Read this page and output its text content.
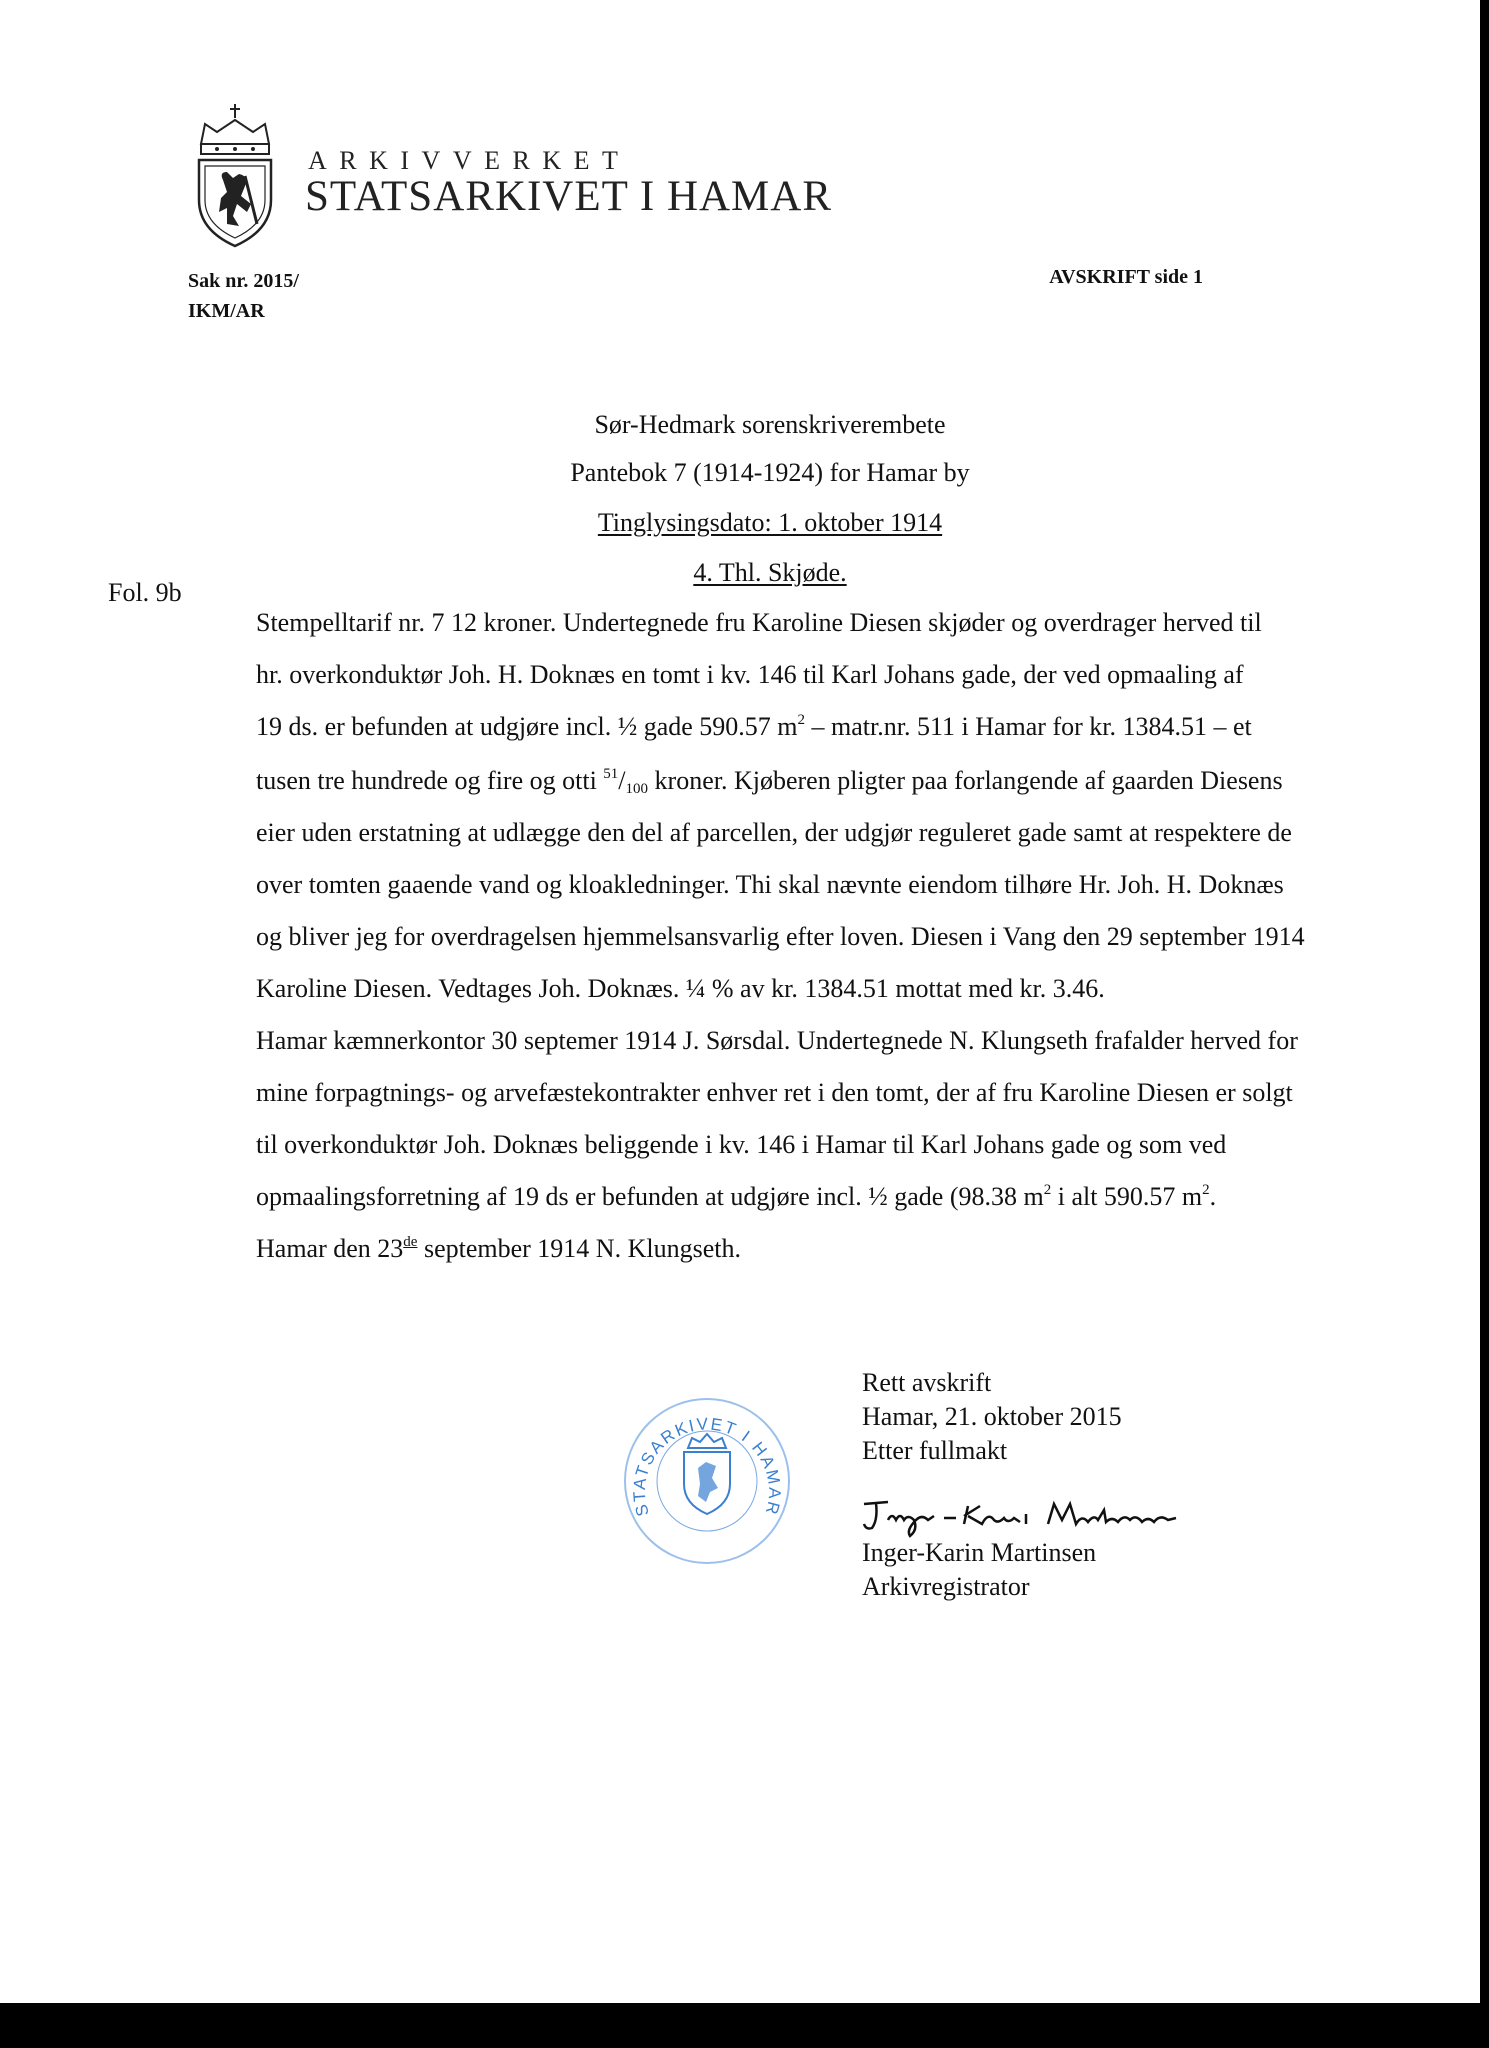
ARKIVVERKET
STATSARKIVET I HAMAR
Sak nr. 2015/
IKM/AR
AVSKRIFT side 1
Sør-Hedmark sorenskriverembete
Pantebok 7 (1914-1924) for Hamar by
Tinglysingsdato: 1. oktober 1914
4. Thl. Skjøde.
Fol. 9b
Stempelltarif nr. 7 12 kroner. Undertegnede fru Karoline Diesen skjøder og overdrager herved til
hr. overkonduktør Joh. H. Doknæs en tomt i kv. 146 til Karl Johans gade, der ved opmaaling af
19 ds. er befunden at udgjøre incl. ½ gade 590.57 $m^2$ – matr.nr. 511 i Hamar for kr. 1384.51 – et
tusen tre hundrede og fire og otti $^{51}/_{100}$ kroner. Kjøberen pligter paa forlangende af gaarden Diesens
eier uden erstatning at udlægge den del af parcellen, der udgjør reguleret gade samt at respektere de
over tomten gaaende vand og kloakledninger. Thi skal nævnte eiendom tilhøre Hr. Joh. H. Doknæs
og bliver jeg for overdragelsen hjemmelsansvarlig efter loven. Diesen i Vang den 29 september 1914
Karoline Diesen. Vedtages Joh. Doknæs. ¼ % av kr. 1384.51 mottat med kr. 3.46.
Hamar kæmnerkontor 30 septemer 1914 J. Sørsdal. Undertegnede N. Klungseth frafalder herved for
mine forpagtnings- og arvefæstekontrakter enhver ret i den tomt, der af fru Karoline Diesen er solgt
til overkonduktør Joh. Doknæs beliggende i kv. 146 i Hamar til Karl Johans gade og som ved
opmaalingsforretning af 19 ds er befunden at udgjøre incl. ½ gade (98.38 $m^2$ i alt 590.57 $m^2$.
Hamar den 23de september 1914 N. Klungseth.
STATSARKIVET I HAMAR
Rett avskrift
Hamar, 21. oktober 2015
Etter fullmakt
Inger-Karin Martinsen
Arkivregistrator
